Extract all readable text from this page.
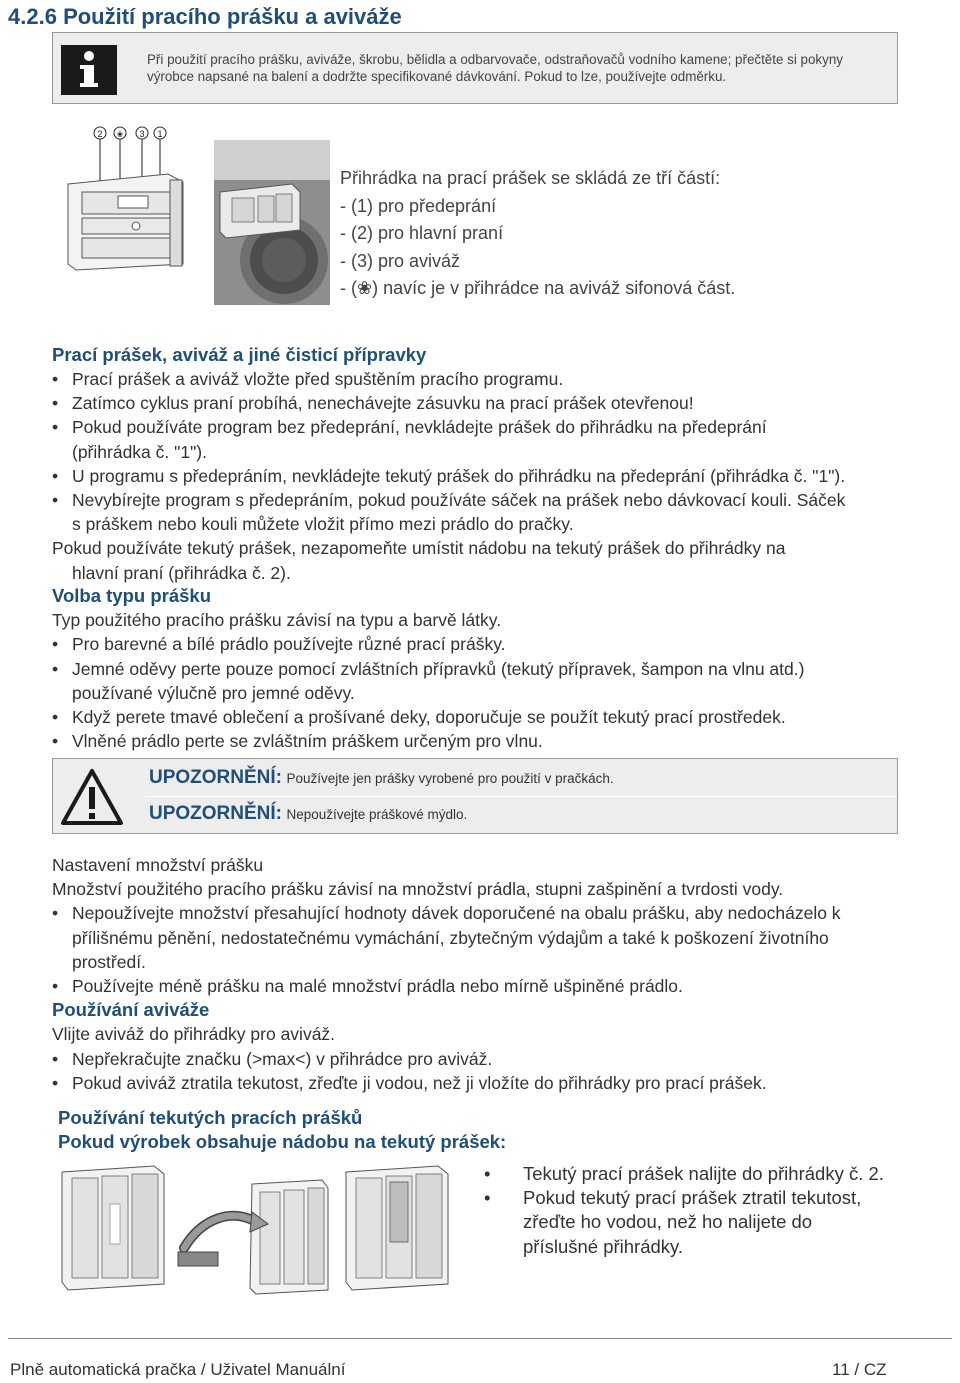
4.2.6 Použití pracího prášku a aviváže
Při použití pracího prášku, aviváže, škrobu, bělidla a odbarvovače, odstraňovačů vodního kamene; přečtěte si pokyny výrobce napsané na balení a dodržte specifikované dávkování. Pokud to lze, používejte odměrku.
2 ❀ 3 1
Přihrádka na prací prášek se skládá ze tří částí:
- (1) pro předeprání
- (2) pro hlavní praní
- (3) pro aviváž
- (❀) navíc je v přihrádce na aviváž sifonová část.
Prací prášek, aviváž a jiné čisticí přípravky
• Prací prášek a aviváž vložte před spuštěním pracího programu.
• Zatímco cyklus praní probíhá, nenechávejte zásuvku na prací prášek otevřenou!
• Pokud používáte program bez předeprání, nevkládejte prášek do přihrádku na předeprání
(přihrádka č. "1").
• U programu s předepráním, nevkládejte tekutý prášek do přihrádku na předeprání (přihrádka č. "1").
• Nevybírejte program s předepráním, pokud používáte sáček na prášek nebo dávkovací kouli. Sáček
s práškem nebo kouli můžete vložit přímo mezi prádlo do pračky.
Pokud používáte tekutý prášek, nezapomeňte umístit nádobu na tekutý prášek do přihrádky na
hlavní praní (přihrádka č. 2).
Volba typu prášku
Typ použitého pracího prášku závisí na typu a barvě látky.
• Pro barevné a bílé prádlo používejte různé prací prášky.
• Jemné oděvy perte pouze pomocí zvláštních přípravků (tekutý přípravek, šampon na vlnu atd.)
používané výlučně pro jemné oděvy.
• Když perete tmavé oblečení a prošívané deky, doporučuje se použít tekutý prací prostředek.
• Vlněné prádlo perte se zvláštním práškem určeným pro vlnu.
UPOZORNĚNÍ: Používejte jen prášky vyrobené pro použití v pračkách.
UPOZORNĚNÍ: Nepoužívejte práškové mýdlo.
Nastavení množství prášku
Množství použitého pracího prášku závisí na množství prádla, stupni zašpinění a tvrdosti vody.
• Nepoužívejte množství přesahující hodnoty dávek doporučené na obalu prášku, aby nedocházelo k
přílišnému pěnění, nedostatečnému vymáchání, zbytečným výdajům a také k poškození životního
prostředí.
• Používejte méně prášku na malé množství prádla nebo mírně ušpiněné prádlo.
Používání aviváže
Vlijte aviváž do přihrádky pro aviváž.
• Nepřekračujte značku (>max<) v přihrádce pro aviváž.
• Pokud aviváž ztratila tekutost, zřeďte ji vodou, než ji vložíte do přihrádky pro prací prášek.
Používání tekutých pracích prášků
Pokud výrobek obsahuje nádobu na tekutý prášek:
• Tekutý prací prášek nalijte do přihrádky č. 2.
• Pokud tekutý prací prášek ztratil tekutost,
zřeďte ho vodou, než ho nalijete do
příslušné přihrádky.
Plně automatická pračka / Uživatel Manuální	11 / CZ
